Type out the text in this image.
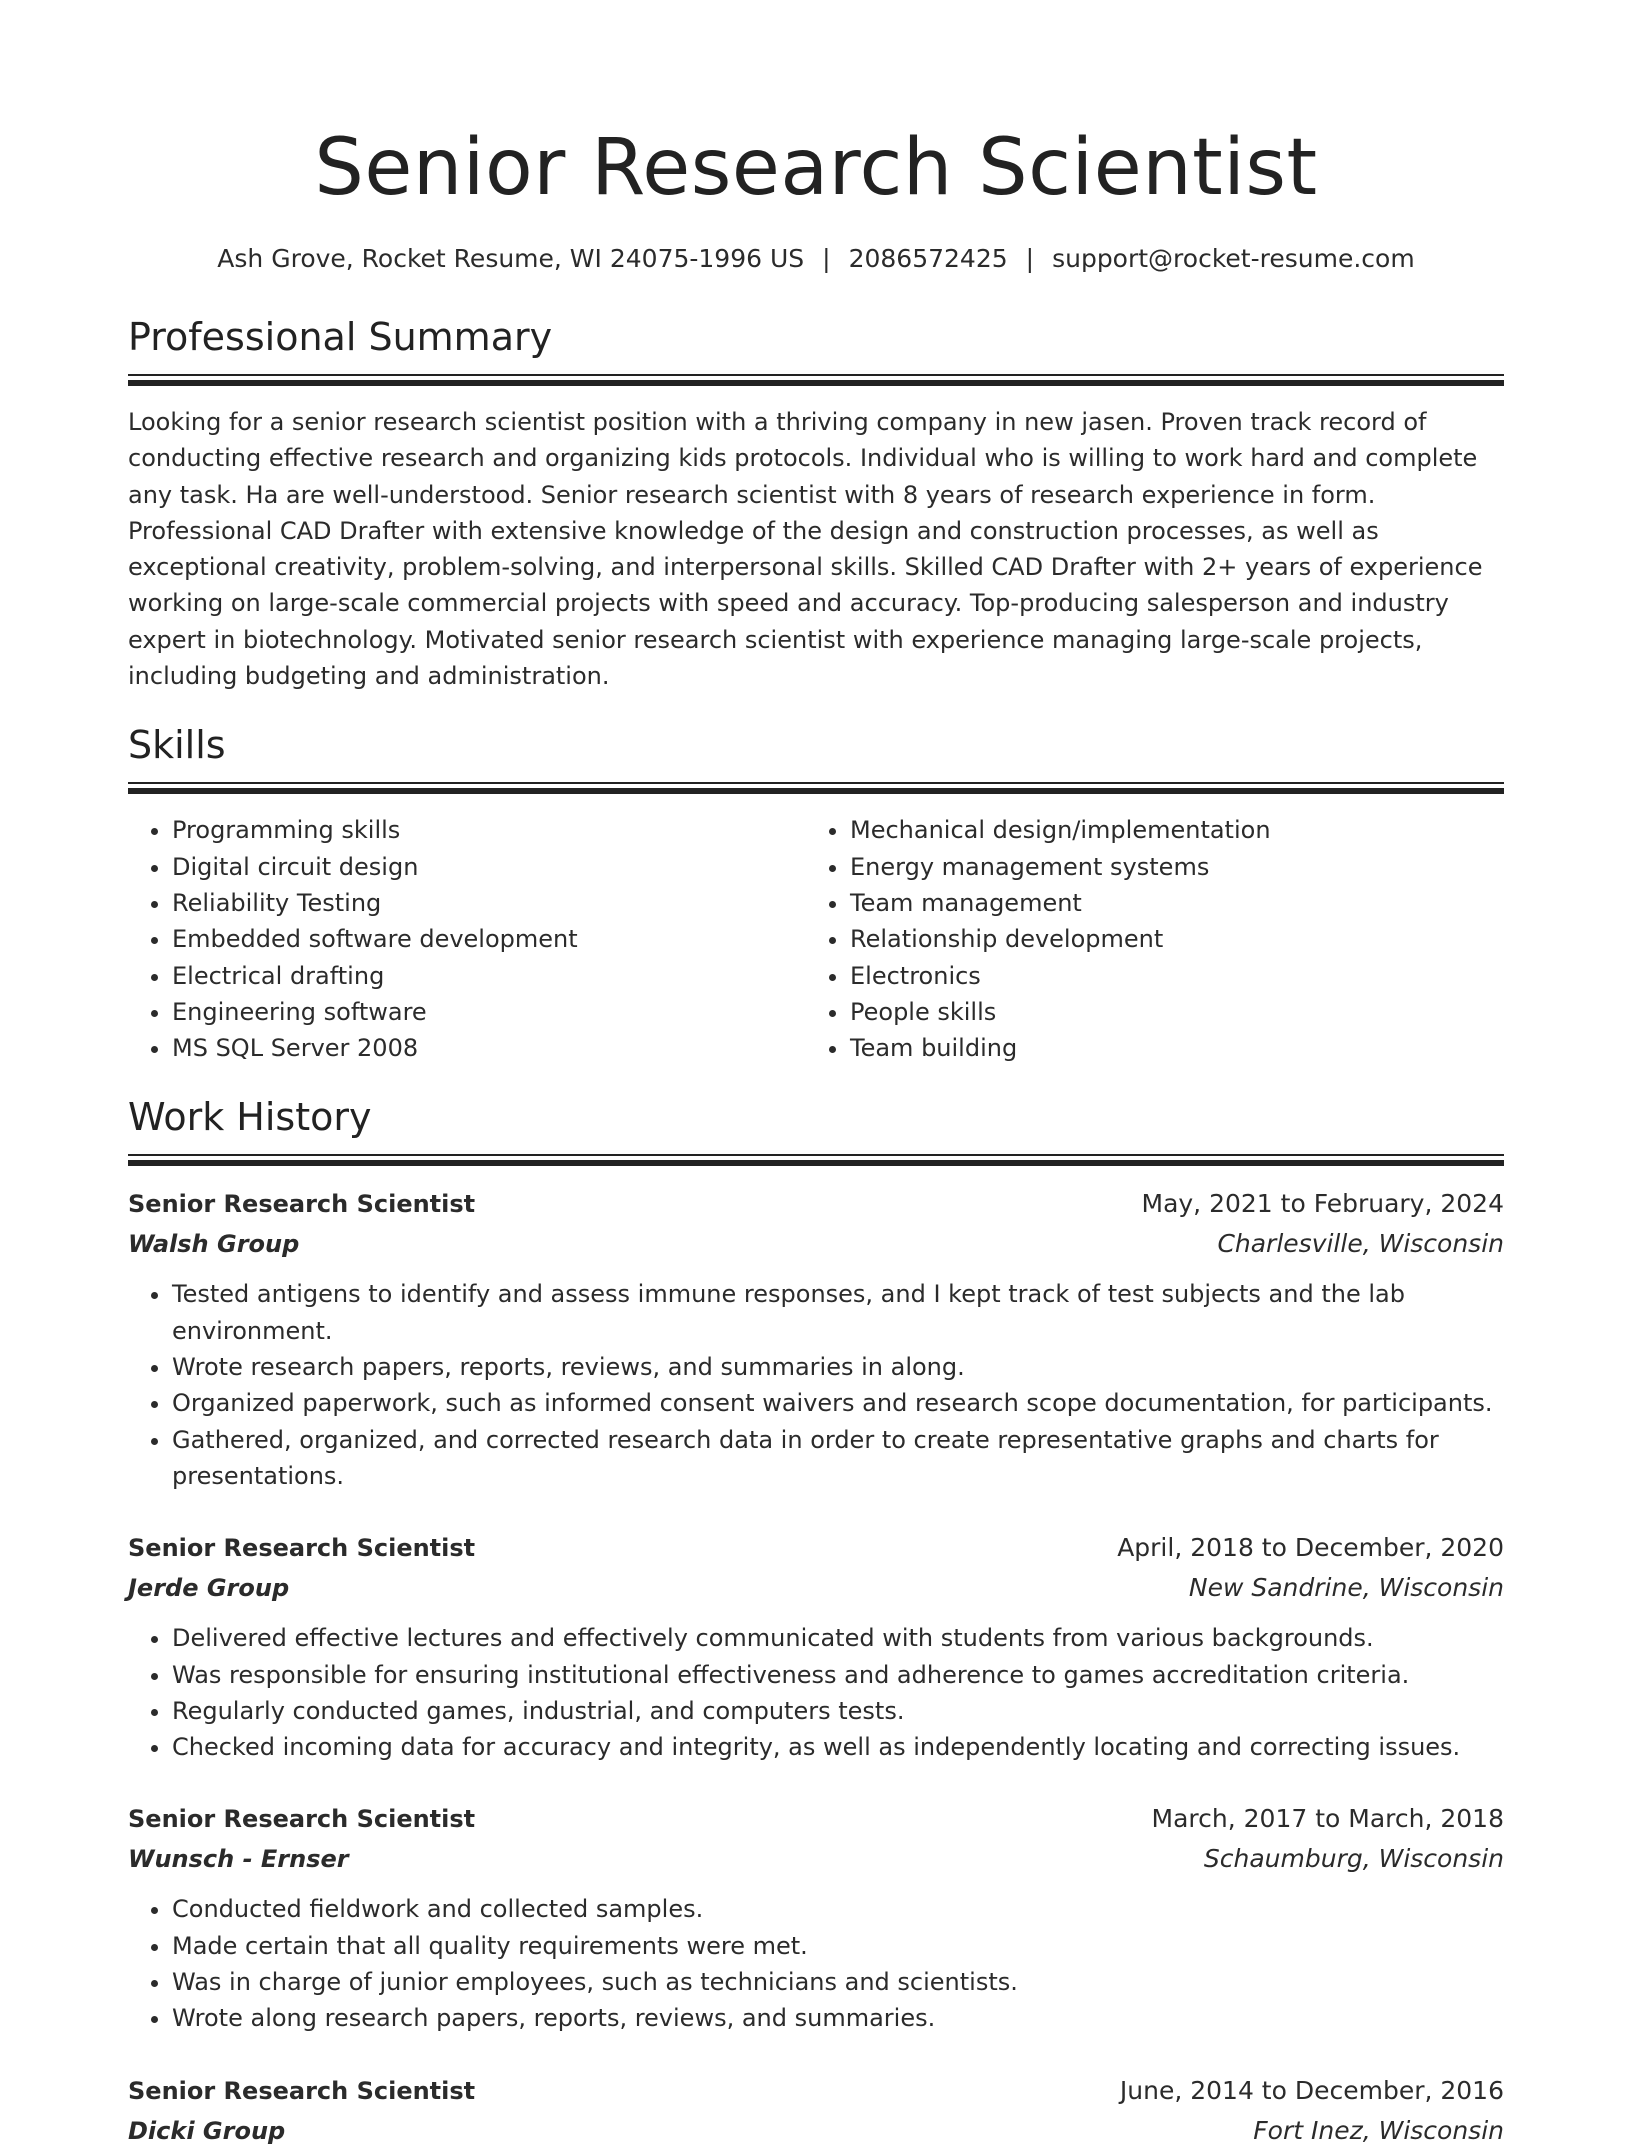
Senior Research Scientist
Ash Grove, Rocket Resume, WI 24075-1996 US | 2086572425 | support@rocket-resume.com
Professional Summary

Looking for a senior research scientist position with a thriving company in new jasen. Proven track record of conducting effective research and organizing kids protocols. Individual who is willing to work hard and complete any task. Ha are well-understood. Senior research scientist with 8 years of research experience in form. Professional CAD Drafter with extensive knowledge of the design and construction processes, as well as exceptional creativity, problem-solving, and interpersonal skills. Skilled CAD Drafter with 2+ years of experience working on large-scale commercial projects with speed and accuracy. Top-producing salesperson and industry expert in biotechnology. Motivated senior research scientist with experience managing large-scale projects, including budgeting and administration.

Skills
• Programming skills
• Digital circuit design
• Reliability Testing
• Embedded software development
• Electrical drafting
• Engineering software
• MS SQL Server 2008
• Mechanical design/implementation
• Energy management systems
• Team management
• Relationship development
• Electronics
• People skills
• Team building
Work History
Senior Research Scientist	May, 2021 to February, 2024
Walsh Group	Charlesville, Wisconsin
• Tested antigens to identify and assess immune responses, and I kept track of test subjects and the lab environment.
• Wrote research papers, reports, reviews, and summaries in along.
• Organized paperwork, such as informed consent waivers and research scope documentation, for participants.
• Gathered, organized, and corrected research data in order to create representative graphs and charts for presentations.
Senior Research Scientist	April, 2018 to December, 2020
Jerde Group	New Sandrine, Wisconsin
• Delivered effective lectures and effectively communicated with students from various backgrounds.
• Was responsible for ensuring institutional effectiveness and adherence to games accreditation criteria.
• Regularly conducted games, industrial, and computers tests.
• Checked incoming data for accuracy and integrity, as well as independently locating and correcting issues.
Senior Research Scientist	March, 2017 to March, 2018
Wunsch - Ernser	Schaumburg, Wisconsin
• Conducted fieldwork and collected samples.
• Made certain that all quality requirements were met.
• Was in charge of junior employees, such as technicians and scientists.
• Wrote along research papers, reports, reviews, and summaries.
Senior Research Scientist	June, 2014 to December, 2016
Dicki Group	Fort Inez, Wisconsin
